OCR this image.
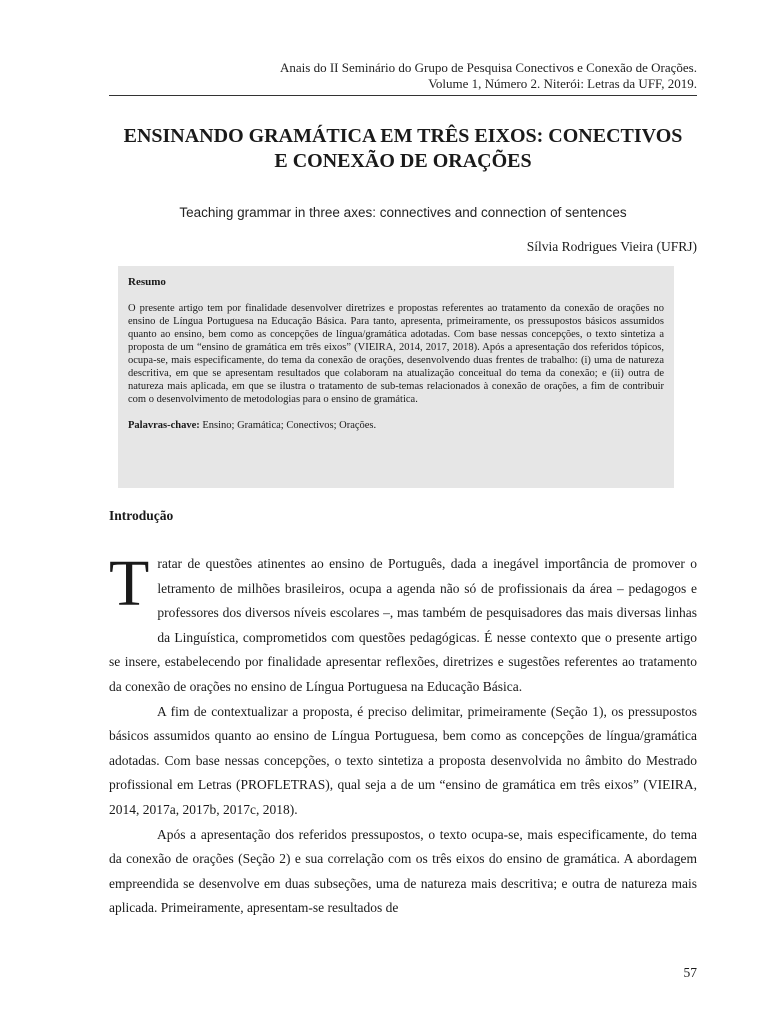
Anais do II Seminário do Grupo de Pesquisa Conectivos e Conexão de Orações.
Volume 1, Número 2. Niterói: Letras da UFF, 2019.
ENSINANDO GRAMÁTICA EM TRÊS EIXOS: CONECTIVOS
E CONEXÃO DE ORAÇÕES
Teaching grammar in three axes: connectives and connection of sentences
Sílvia Rodrigues Vieira (UFRJ)

Resumo

O presente artigo tem por finalidade desenvolver diretrizes e propostas referentes ao tratamento da conexão de orações no ensino de Língua Portuguesa na Educação Básica. Para tanto, apresenta, primeiramente, os pressupostos básicos assumidos quanto ao ensino, bem como as concepções de língua/gramática adotadas. Com base nessas concepções, o texto sintetiza a proposta de um “ensino de gramática em três eixos” (VIEIRA, 2014, 2017, 2018). Após a apresentação dos referidos tópicos, ocupa-se, mais especificamente, do tema da conexão de orações, desenvolvendo duas frentes de trabalho: (i) uma de natureza descritiva, em que se apresentam resultados que colaboram na atualização conceitual do tema da conexão; e (ii) outra de natureza mais aplicada, em que se ilustra o tratamento de sub-temas relacionados à conexão de orações, a fim de contribuir com o desenvolvimento de metodologias para o ensino de gramática.

Palavras-chave: Ensino; Gramática; Conectivos; Orações.

Introdução

Tratar de questões atinentes ao ensino de Português, dada a inegável importância de promover o letramento de milhões brasileiros, ocupa a agenda não só de profissionais da área – pedagogos e professores dos diversos níveis escolares –, mas também de pesquisadores das mais diversas linhas da Linguística, comprometidos com questões pedagógicas. É nesse contexto que o presente artigo se insere, estabelecendo por finalidade apresentar reflexões, diretrizes e sugestões referentes ao tratamento da conexão de orações no ensino de Língua Portuguesa na Educação Básica.

A fim de contextualizar a proposta, é preciso delimitar, primeiramente (Seção 1), os pressupostos básicos assumidos quanto ao ensino de Língua Portuguesa, bem como as concepções de língua/gramática adotadas. Com base nessas concepções, o texto sintetiza a proposta desenvolvida no âmbito do Mestrado profissional em Letras (PROFLETRAS), qual seja a de um “ensino de gramática em três eixos” (VIEIRA, 2014, 2017a, 2017b, 2017c, 2018).

Após a apresentação dos referidos pressupostos, o texto ocupa-se, mais especificamente, do tema da conexão de orações (Seção 2) e sua correlação com os três eixos do ensino de gramática. A abordagem empreendida se desenvolve em duas subseções, uma de natureza mais descritiva; e outra de natureza mais aplicada. Primeiramente, apresentam-se resultados de

57
